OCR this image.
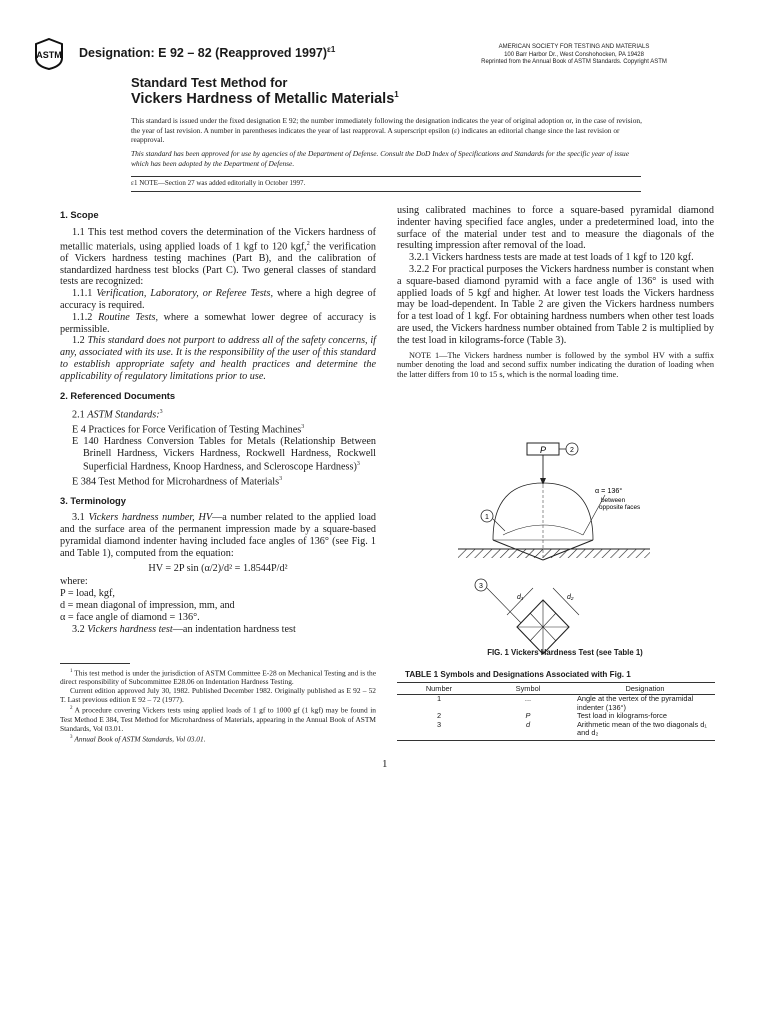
ASTM Designation: E 92 – 82 (Reapproved 1997)$^{\varepsilon 1}$	AMERICAN SOCIETY FOR TESTING AND MATERIALS
100 Barr Harbor Dr., West Conshohocken, PA 19428
Reprinted from the Annual Book of ASTM Standards. Copyright ASTM
Standard Test Method for
Vickers Hardness of Metallic Materials$^1$

This standard is issued under the fixed designation E 92; the number immediately following the designation indicates the year of original adoption or, in the case of revision, the year of last revision. A number in parentheses indicates the year of last reapproval. A superscript epsilon (ε) indicates an editorial change since the last revision or reapproval.

This standard has been approved for use by agencies of the Department of Defense. Consult the DoD Index of Specifications and Standards for the specific year of issue which has been adopted by the Department of Defense.

ε1 NOTE—Section 27 was added editorially in October 1997.

1. Scope

1.1 This test method covers the determination of the Vickers hardness of metallic materials, using applied loads of 1 kgf to 120 kgf,$^2$ the verification of Vickers hardness testing machines (Part B), and the calibration of standardized hardness test blocks (Part C). Two general classes of standard tests are recognized:

1.1.1 Verification, Laboratory, or Referee Tests, where a high degree of accuracy is required.

1.1.2 Routine Tests, where a somewhat lower degree of accuracy is permissible.

1.2 This standard does not purport to address all of the safety concerns, if any, associated with its use. It is the responsibility of the user of this standard to establish appropriate safety and health practices and determine the applicability of regulatory limitations prior to use.

2. Referenced Documents

2.1 ASTM Standards:$^3$

E 4 Practices for Force Verification of Testing Machines$^3$

E 140 Hardness Conversion Tables for Metals (Relationship Between Brinell Hardness, Vickers Hardness, Rockwell Hardness, Rockwell Superficial Hardness, Knoop Hardness, and Scleroscope Hardness)$^3$

E 384 Test Method for Microhardness of Materials$^3$

3. Terminology

3.1 Vickers hardness number, HV—a number related to the applied load and the surface area of the permanent impression made by a square-based pyramidal diamond indenter having included face angles of 136° (see Fig. 1 and Table 1), computed from the equation:

HV = 2P sin (α/2)/d² = 1.8544P/d²

where:

P = load, kgf,

d = mean diagonal of impression, mm, and

α = face angle of diamond = 136°.

3.2 Vickers hardness test—an indentation hardness test

$^1$ This test method is under the jurisdiction of ASTM Committee E-28 on Mechanical Testing and is the direct responsibility of Subcommittee E28.06 on Indentation Hardness Testing.

Current edition approved July 30, 1982. Published December 1982. Originally published as E 92 – 52 T. Last previous edition E 92 – 72 (1977).

$^2$ A procedure covering Vickers tests using applied loads of 1 gf to 1000 gf (1 kgf) may be found in Test Method E 384, Test Method for Microhardness of Materials, appearing in the Annual Book of ASTM Standards, Vol 03.01.

$^3$ Annual Book of ASTM Standards, Vol 03.01.

using calibrated machines to force a square-based pyramidal diamond indenter having specified face angles, under a predetermined load, into the surface of the material under test and to measure the diagonals of the resulting impression after removal of the load.

3.2.1 Vickers hardness tests are made at test loads of 1 kgf to 120 kgf.

3.2.2 For practical purposes the Vickers hardness number is constant when a square-based diamond pyramid with a face angle of 136° is used with applied loads of 5 kgf and higher. At lower test loads the Vickers hardness may be load-dependent. In Table 2 are given the Vickers hardness numbers for a test load of 1 kgf. For obtaining hardness numbers when other test loads are used, the Vickers hardness number obtained from Table 2 is multiplied by the test load in kilograms-force (Table 3).

NOTE 1—The Vickers hardness number is followed by the symbol HV with a suffix number denoting the load and second suffix number indicating the duration of loading when the latter differs from 10 to 15 s, which is the normal loading time.

P	2
α = 136°
between
opposite faces
1
3
d₁	d₂
FIG. 1 Vickers Hardness Test (see Table 1)
TABLE 1 Symbols and Designations Associated with Fig. 1
Number	Symbol	Designation
1	...	Angle at the vertex of the pyramidal indenter (136°)
2	P	Test load in kilograms-force
3	d	Arithmetic mean of the two diagonals d₁ and d₂
1
